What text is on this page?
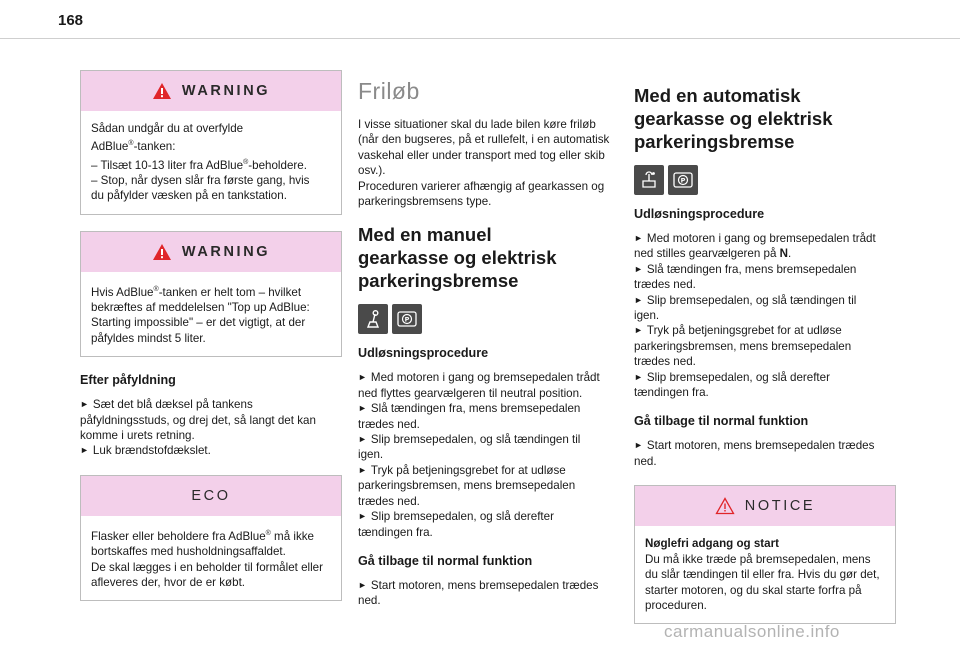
168
WARNING

Sådan undgår du at overfylde

AdBlue®-tanken:

– Tilsæt 10-13 liter fra AdBlue®-beholdere.

– Stop, når dysen slår fra første gang, hvis

du påfylder væsken på en tankstation.

WARNING

Hvis AdBlue®-tanken er helt tom – hvilket

bekræftes af meddelelsen "Top up AdBlue:

Starting impossible" – er det vigtigt, at der

påfyldes mindst 5 liter.

Efter påfyldning

► Sæt det blå dæksel på tankens

påfyldningsstuds, og drej det, så langt det kan

komme i urets retning.

► Luk brændstofdækslet.

ECO

Flasker eller beholdere fra AdBlue® må ikke

bortskaffes med husholdningsaffaldet.

De skal lægges i en beholder til formålet eller

afleveres der, hvor de er købt.

Friløb

I visse situationer skal du lade bilen køre friløb

(når den bugseres, på et rullefelt, i en automatisk

vaskehal eller under transport med tog eller skib

osv.).

Proceduren varierer afhængig af gearkassen og

parkeringsbremsens type.

Med en manuel
gearkasse og elektrisk
parkeringsbremse
P
Udløsningsprocedure

► Med motoren i gang og bremsepedalen trådt

ned flyttes gearvælgeren til neutral position.

► Slå tændingen fra, mens bremsepedalen

trædes ned.

► Slip bremsepedalen, og slå tændingen til

igen.

► Tryk på betjeningsgrebet for at udløse

parkeringsbremsen, mens bremsepedalen

trædes ned.

► Slip bremsepedalen, og slå derefter

tændingen fra.

Gå tilbage til normal funktion

► Start motoren, mens bremsepedalen trædes

ned.

Med en automatisk
gearkasse og elektrisk
parkeringsbremse
P
Udløsningsprocedure

► Med motoren i gang og bremsepedalen trådt

ned stilles gearvælgeren på N.

► Slå tændingen fra, mens bremsepedalen

trædes ned.

► Slip bremsepedalen, og slå tændingen til

igen.

► Tryk på betjeningsgrebet for at udløse

parkeringsbremsen, mens bremsepedalen

trædes ned.

► Slip bremsepedalen, og slå derefter

tændingen fra.

Gå tilbage til normal funktion

► Start motoren, mens bremsepedalen trædes

ned.

NOTICE

Nøglefri adgang og start

Du må ikke træde på bremsepedalen, mens

du slår tændingen til eller fra. Hvis du gør det,

starter motoren, og du skal starte forfra på

proceduren.

carmanualsonline.info
